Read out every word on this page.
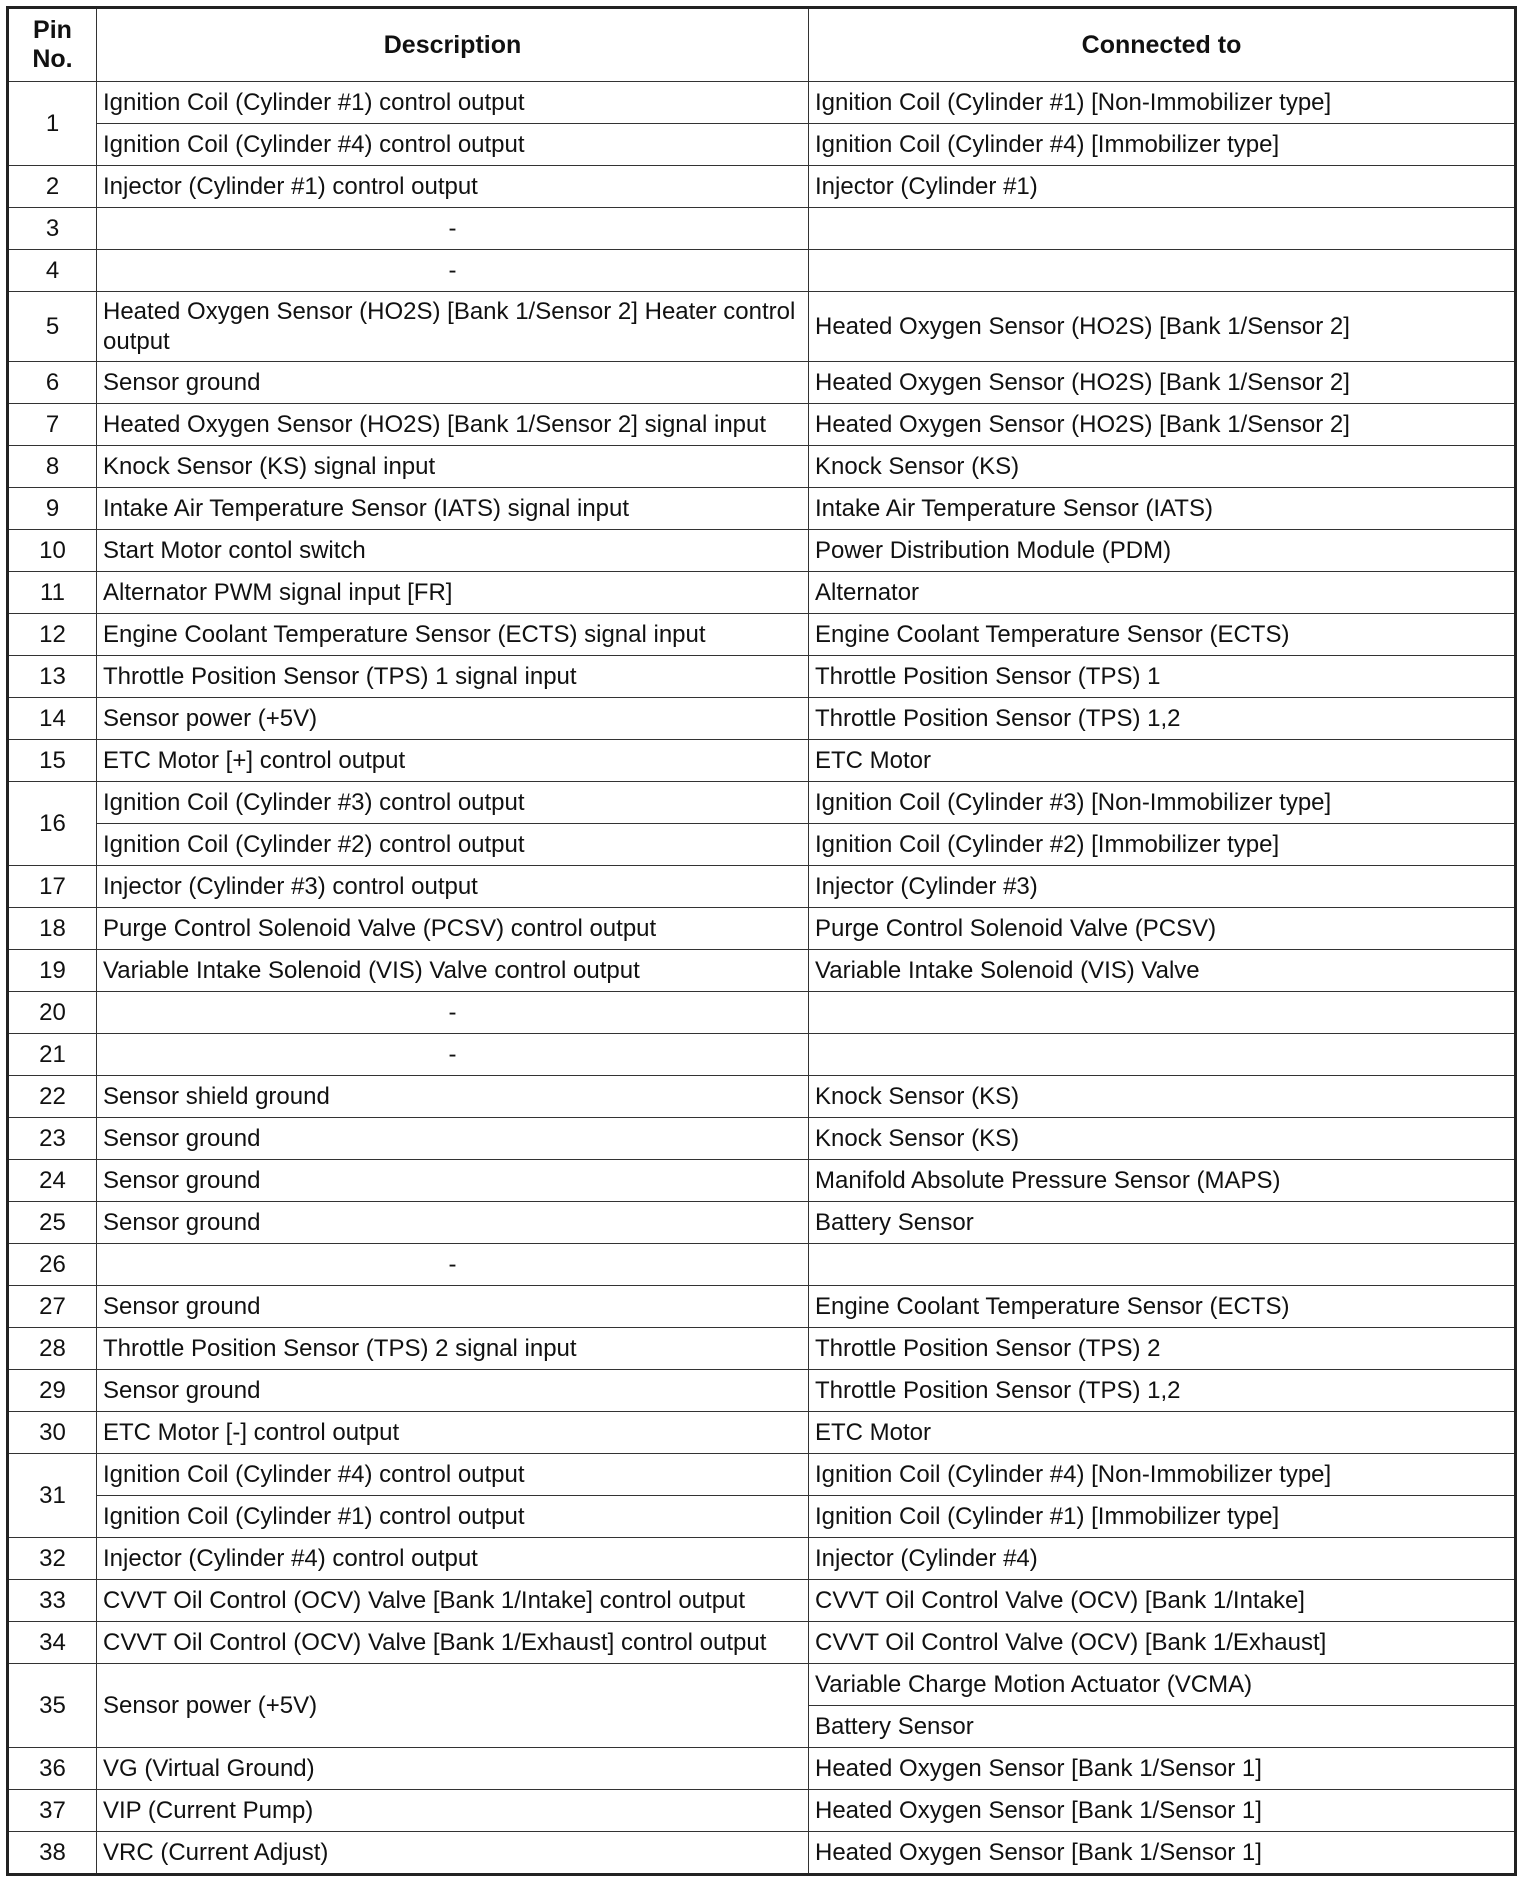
Pin No.	Description	Connected to
1	Ignition Coil (Cylinder #1) control output	Ignition Coil (Cylinder #1) [Non-Immobilizer type]
	Ignition Coil (Cylinder #4) control output	Ignition Coil (Cylinder #4) [Immobilizer type]
2	Injector (Cylinder #1) control output	Injector (Cylinder #1)
3	-	
4	-	
5	Heated Oxygen Sensor (HO2S) [Bank 1/Sensor 2] Heater control output	Heated Oxygen Sensor (HO2S) [Bank 1/Sensor 2]
6	Sensor ground	Heated Oxygen Sensor (HO2S) [Bank 1/Sensor 2]
7	Heated Oxygen Sensor (HO2S) [Bank 1/Sensor 2] signal input	Heated Oxygen Sensor (HO2S) [Bank 1/Sensor 2]
8	Knock Sensor (KS) signal input	Knock Sensor (KS)
9	Intake Air Temperature Sensor (IATS) signal input	Intake Air Temperature Sensor (IATS)
10	Start Motor contol switch	Power Distribution Module (PDM)
11	Alternator PWM signal input [FR]	Alternator
12	Engine Coolant Temperature Sensor (ECTS) signal input	Engine Coolant Temperature Sensor (ECTS)
13	Throttle Position Sensor (TPS) 1 signal input	Throttle Position Sensor (TPS) 1
14	Sensor power (+5V)	Throttle Position Sensor (TPS) 1,2
15	ETC Motor [+] control output	ETC Motor
16	Ignition Coil (Cylinder #3) control output	Ignition Coil (Cylinder #3) [Non-Immobilizer type]
	Ignition Coil (Cylinder #2) control output	Ignition Coil (Cylinder #2) [Immobilizer type]
17	Injector (Cylinder #3) control output	Injector (Cylinder #3)
18	Purge Control Solenoid Valve (PCSV) control output	Purge Control Solenoid Valve (PCSV)
19	Variable Intake Solenoid (VIS) Valve control output	Variable Intake Solenoid (VIS) Valve
20	-	
21	-	
22	Sensor shield ground	Knock Sensor (KS)
23	Sensor ground	Knock Sensor (KS)
24	Sensor ground	Manifold Absolute Pressure Sensor (MAPS)
25	Sensor ground	Battery Sensor
26	-	
27	Sensor ground	Engine Coolant Temperature Sensor (ECTS)
28	Throttle Position Sensor (TPS) 2 signal input	Throttle Position Sensor (TPS) 2
29	Sensor ground	Throttle Position Sensor (TPS) 1,2
30	ETC Motor [-] control output	ETC Motor
31	Ignition Coil (Cylinder #4) control output	Ignition Coil (Cylinder #4) [Non-Immobilizer type]
	Ignition Coil (Cylinder #1) control output	Ignition Coil (Cylinder #1) [Immobilizer type]
32	Injector (Cylinder #4) control output	Injector (Cylinder #4)
33	CVVT Oil Control (OCV) Valve [Bank 1/Intake] control output	CVVT Oil Control Valve (OCV) [Bank 1/Intake]
34	CVVT Oil Control (OCV) Valve [Bank 1/Exhaust] control output	CVVT Oil Control Valve (OCV) [Bank 1/Exhaust]
35	Sensor power (+5V)	Variable Charge Motion Actuator (VCMA)
		Battery Sensor
36	VG (Virtual Ground)	Heated Oxygen Sensor [Bank 1/Sensor 1]
37	VIP (Current Pump)	Heated Oxygen Sensor [Bank 1/Sensor 1]
38	VRC (Current Adjust)	Heated Oxygen Sensor [Bank 1/Sensor 1]
